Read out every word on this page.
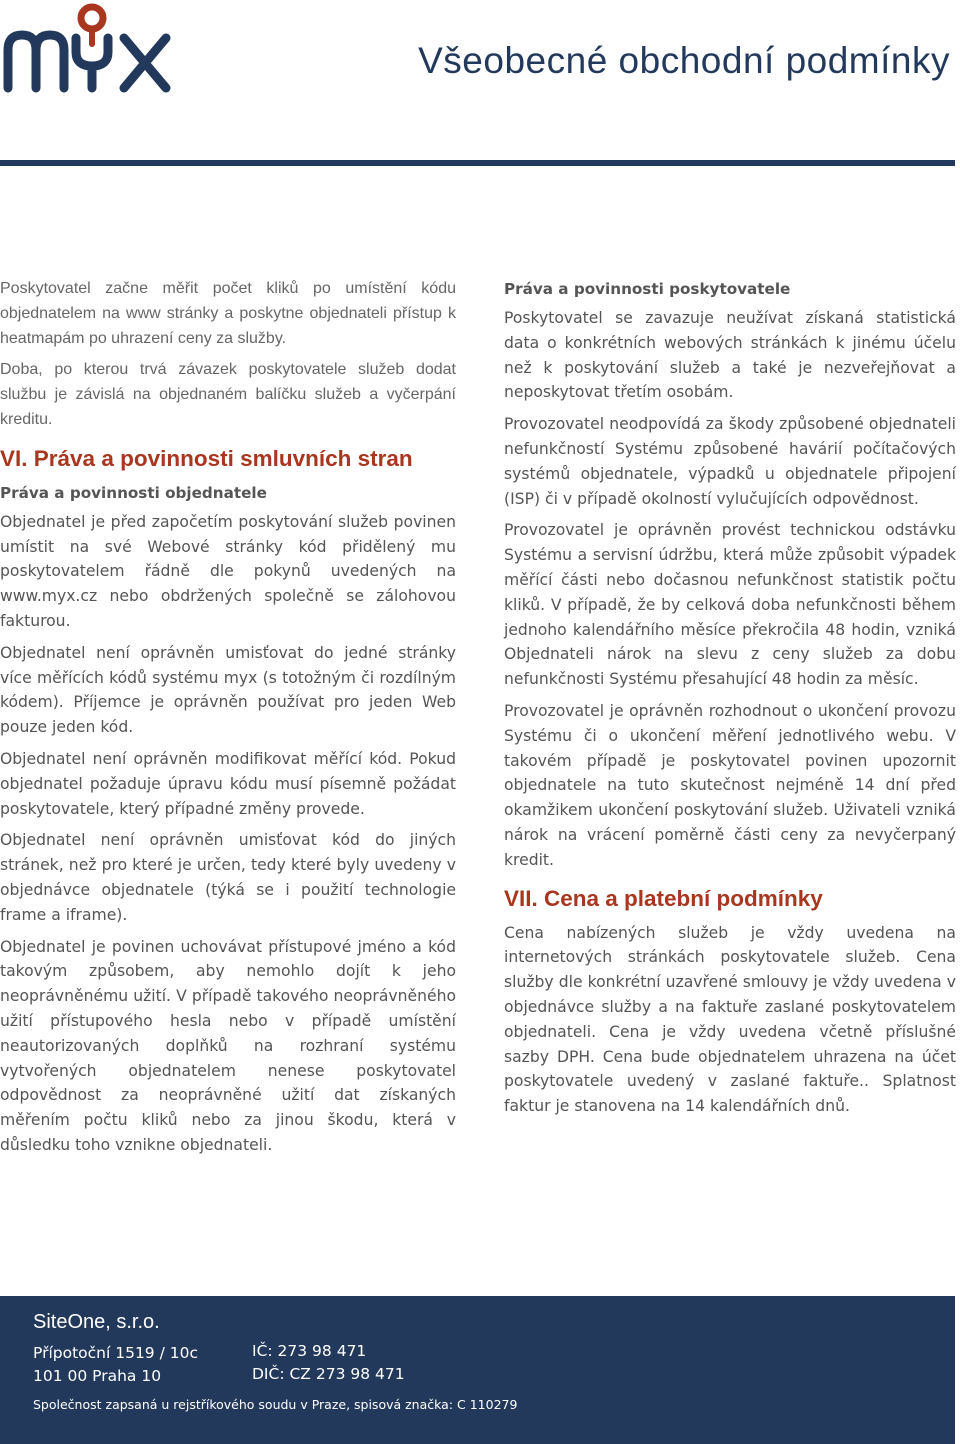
Všeobecné obchodní podmínky

Poskytovatel začne měřit počet kliků po umístění kódu objednatelem na www stránky a poskytne objednateli přístup k heatmapám po uhrazení ceny za služby.

Doba, po kterou trvá závazek poskytovatele služeb dodat službu je závislá na objednaném balíčku služeb a vyčerpání kreditu.

VI. Práva a povinnosti smluvních stran
Práva a povinnosti objednatele

Objednatel je před započetím poskytování služeb povinen umístit na své Webové stránky kód přidělený mu poskytovatelem řádně dle pokynů uvedených na www.myx.cz nebo obdržených společně se zálohovou fakturou.

Objednatel není oprávněn umisťovat do jedné stránky více měřících kódů systému myx (s totožným či rozdílným kódem). Příjemce je oprávněn používat pro jeden Web pouze jeden kód.

Objednatel není oprávněn modifikovat měřící kód. Pokud objednatel požaduje úpravu kódu musí písemně požádat poskytovatele, který případné změny provede.

Objednatel není oprávněn umisťovat kód do jiných stránek, než pro které je určen, tedy které byly uvedeny v objednávce objednatele (týká se i použití technologie frame a iframe).

Objednatel je povinen uchovávat přístupové jméno a kód takovým způsobem, aby nemohlo dojít k jeho neoprávněnému užití. V případě takového neoprávněného užití přístupového hesla nebo v případě umístění neautorizovaných doplňků na rozhraní systému vytvořených objednatelem nenese poskytovatel odpovědnost za neoprávněné užití dat získaných měřením počtu kliků nebo za jinou škodu, která v důsledku toho vznikne objednateli.

Práva a povinnosti poskytovatele

Poskytovatel se zavazuje neužívat získaná statistická data o konkrétních webových stránkách k jinému účelu než k poskytování služeb a také je nezveřejňovat a neposkytovat třetím osobám.

Provozovatel neodpovídá za škody způsobené objednateli nefunkčností Systému způsobené havárií počítačových systémů objednatele, výpadků u objednatele připojení (ISP) či v případě okolností vylučujících odpovědnost.

Provozovatel je oprávněn provést technickou odstávku Systému a servisní údržbu, která může způsobit výpadek měřící části nebo dočasnou nefunkčnost statistik počtu kliků. V případě, že by celková doba nefunkčnosti během jednoho kalendářního měsíce překročila 48 hodin, vzniká Objednateli nárok na slevu z ceny služeb za dobu nefunkčnosti Systému přesahující 48 hodin za měsíc.

Provozovatel je oprávněn rozhodnout o ukončení provozu Systému či o ukončení měření jednotlivého webu. V takovém případě je poskytovatel povinen upozornit objednatele na tuto skutečnost nejméně 14 dní před okamžikem ukončení poskytování služeb. Uživateli vzniká nárok na vrácení poměrně části ceny za nevyčerpaný kredit.

VII. Cena a platební podmínky

Cena nabízených služeb je vždy uvedena na internetových stránkách poskytovatele služeb. Cena služby dle konkrétní uzavřené smlouvy je vždy uvedena v objednávce služby a na faktuře zaslané poskytovatelem objednateli. Cena je vždy uvedena včetně příslušné sazby DPH. Cena bude objednatelem uhrazena na účet poskytovatele uvedený v zaslané faktuře.. Splatnost faktur je stanovena na 14 kalendářních dnů.

SiteOne, s.r.o.
Přípotoční 1519 / 10c
101 00 Praha 10
IČ: 273 98 471
DIČ: CZ 273 98 471
Společnost zapsaná u rejstříkového soudu v Praze, spisová značka: C 110279
